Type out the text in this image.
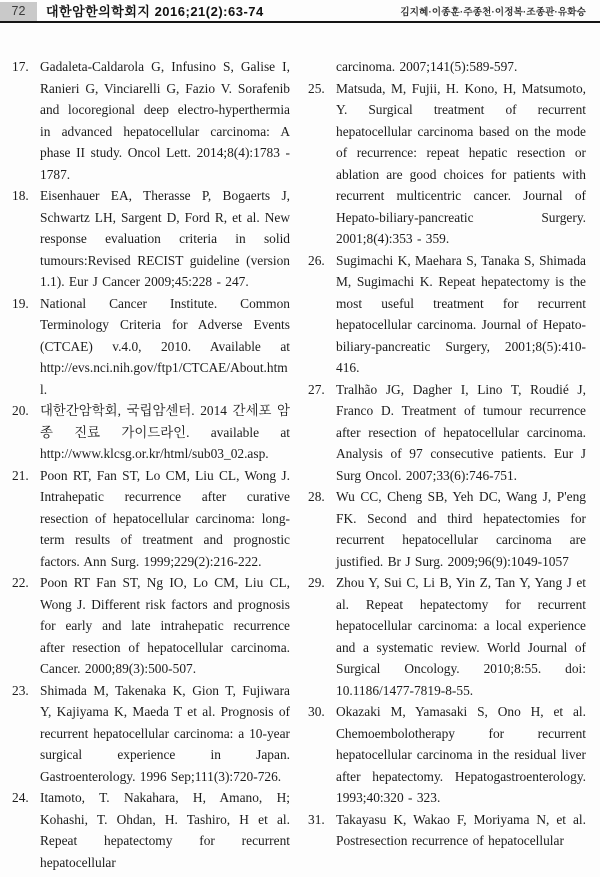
72	대한암한의학회지 2016;21(2):63-74	김지혜·이종훈·주종천·이정복·조종관·유화승
17. Gadaleta-Caldarola G, Infusino S, Galise I, Ranieri G, Vinciarelli G, Fazio V. Sorafenib and locoregional deep electro-hyperthermia in advanced hepatocellular carcinoma: A phase II study. Oncol Lett. 2014;8(4):1783 - 1787.
18. Eisenhauer EA, Therasse P, Bogaerts J, Schwartz LH, Sargent D, Ford R, et al. New response evaluation criteria in solid tumours:Revised RECIST guideline (version 1.1). Eur J Cancer 2009;45:228 - 247.
19. National Cancer Institute. Common Terminology Criteria for Adverse Events (CTCAE) v.4.0, 2010. Available at http://evs.nci.nih.gov/ftp1/CTCAE/About.html.
20. 대한간암학회, 국립암센터. 2014 간세포 암종 진료 가이드라인. available at http://www.klcsg.or.kr/html/sub03_02.asp.
21. Poon RT, Fan ST, Lo CM, Liu CL, Wong J. Intrahepatic recurrence after curative resection of hepatocellular carcinoma: long-term results of treatment and prognostic factors. Ann Surg. 1999;229(2):216-222.
22. Poon RT Fan ST, Ng IO, Lo CM, Liu CL, Wong J. Different risk factors and prognosis for early and late intrahepatic recurrence after resection of hepatocellular carcinoma. Cancer. 2000;89(3):500-507.
23. Shimada M, Takenaka K, Gion T, Fujiwara Y, Kajiyama K, Maeda T et al. Prognosis of recurrent hepatocellular carcinoma: a 10-year surgical experience in Japan. Gastroenterology. 1996 Sep;111(3):720-726.
24. Itamoto, T. Nakahara, H, Amano, H; Kohashi, T. Ohdan, H. Tashiro, H et al. Repeat hepatectomy for recurrent hepatocellular
carcinoma. 2007;141(5):589-597.
25. Matsuda, M, Fujii, H. Kono, H, Matsumoto, Y. Surgical treatment of recurrent hepatocellular carcinoma based on the mode of recurrence: repeat hepatic resection or ablation are good choices for patients with recurrent multicentric cancer. Journal of Hepato-biliary-pancreatic Surgery. 2001;8(4):353 - 359.
26. Sugimachi K, Maehara S, Tanaka S, Shimada M, Sugimachi K. Repeat hepatectomy is the most useful treatment for recurrent hepatocellular carcinoma. Journal of Hepato-biliary-pancreatic Surgery, 2001;8(5):410-416.
27. Tralhão JG, Dagher I, Lino T, Roudié J, Franco D. Treatment of tumour recurrence after resection of hepatocellular carcinoma. Analysis of 97 consecutive patients. Eur J Surg Oncol. 2007;33(6):746-751.
28. Wu CC, Cheng SB, Yeh DC, Wang J, P'eng FK. Second and third hepatectomies for recurrent hepatocellular carcinoma are justified. Br J Surg. 2009;96(9):1049-1057
29. Zhou Y, Sui C, Li B, Yin Z, Tan Y, Yang J et al. Repeat hepatectomy for recurrent hepatocellular carcinoma: a local experience and a systematic review. World Journal of Surgical Oncology. 2010;8:55. doi: 10.1186/1477-7819-8-55.
30. Okazaki M, Yamasaki S, Ono H, et al. Chemoembolotherapy for recurrent hepatocellular carcinoma in the residual liver after hepatectomy. Hepatogastroenterology. 1993;40:320 - 323.
31. Takayasu K, Wakao F, Moriyama N, et al. Postresection recurrence of hepatocellular
